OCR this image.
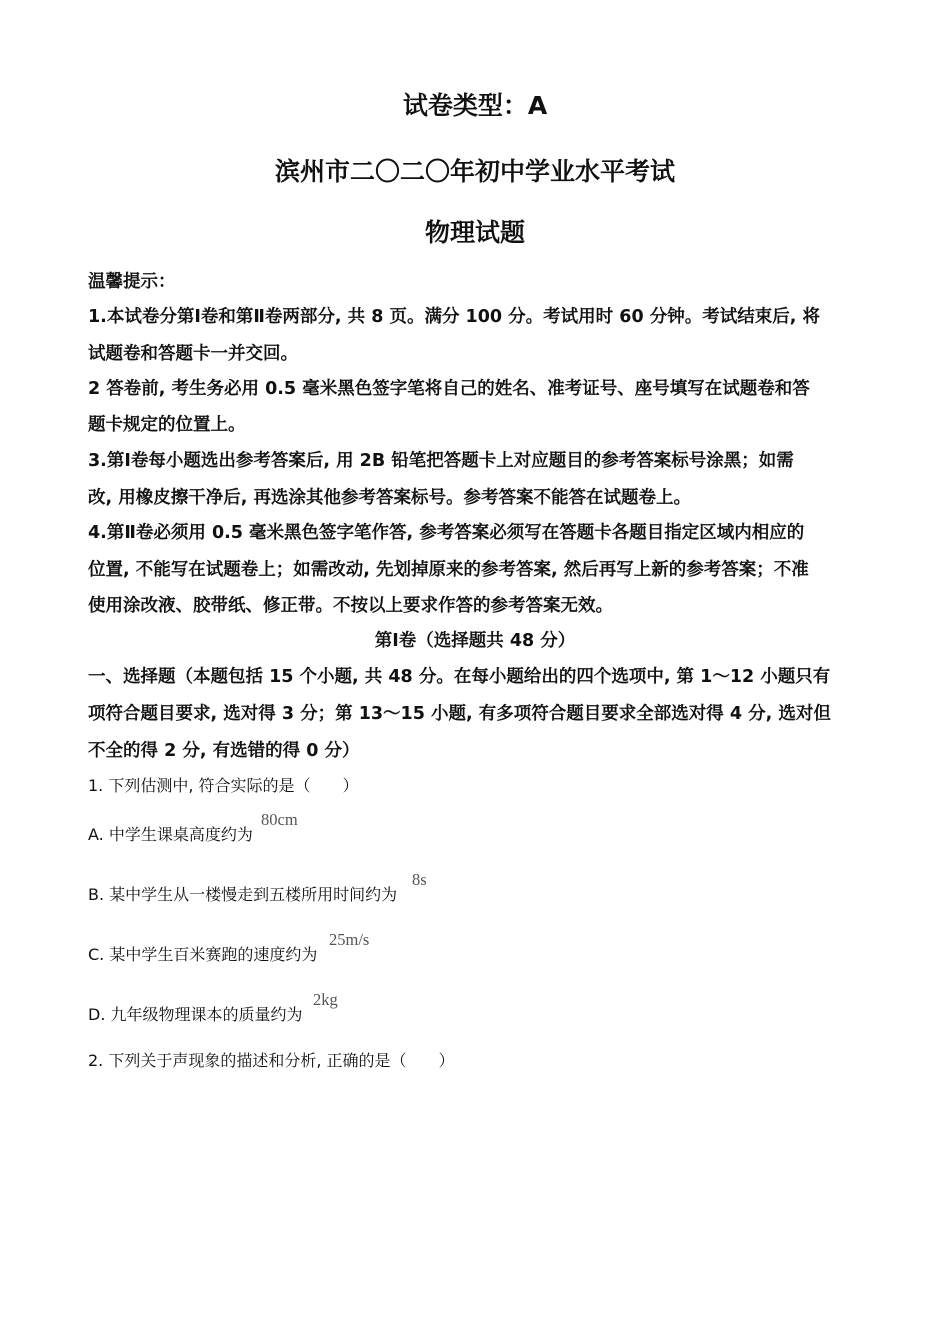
试卷类型：A
滨州市二〇二〇年初中学业水平考试
物理试题
温馨提示：
1.本试卷分第Ⅰ卷和第Ⅱ卷两部分, 共 8 页。满分 100 分。考试用时 60 分钟。考试结束后, 将
试题卷和答题卡一并交回。
2 答卷前, 考生务必用 0.5 毫米黑色签字笔将自己的姓名、准考证号、座号填写在试题卷和答
题卡规定的位置上。
3.第Ⅰ卷每小题选出参考答案后, 用 2B 铅笔把答题卡上对应题目的参考答案标号涂黑；如需
改, 用橡皮擦干净后, 再选涂其他参考答案标号。参考答案不能答在试题卷上。
4.第Ⅱ卷必须用 0.5 毫米黑色签字笔作答, 参考答案必须写在答题卡各题目指定区域内相应的
位置, 不能写在试题卷上；如需改动, 先划掉原来的参考答案, 然后再写上新的参考答案；不准
使用涂改液、胶带纸、修正带。不按以上要求作答的参考答案无效。
第Ⅰ卷（选择题共 48 分）
一、选择题（本题包括 15 个小题, 共 48 分。在每小题给出的四个选项中, 第 1～12 小题只有
项符合题目要求, 选对得 3 分；第 13～15 小题, 有多项符合题目要求全部选对得 4 分, 选对但
不全的得 2 分, 有选错的得 0 分）
1. 下列估测中, 符合实际的是（　　）
A. 中学生课桌高度约为
80cm
B. 某中学生从一楼慢走到五楼所用时间约为
8s
C. 某中学生百米赛跑的速度约为
25m/s
D. 九年级物理课本的质量约为
2kg
2. 下列关于声现象的描述和分析, 正确的是（　　）
